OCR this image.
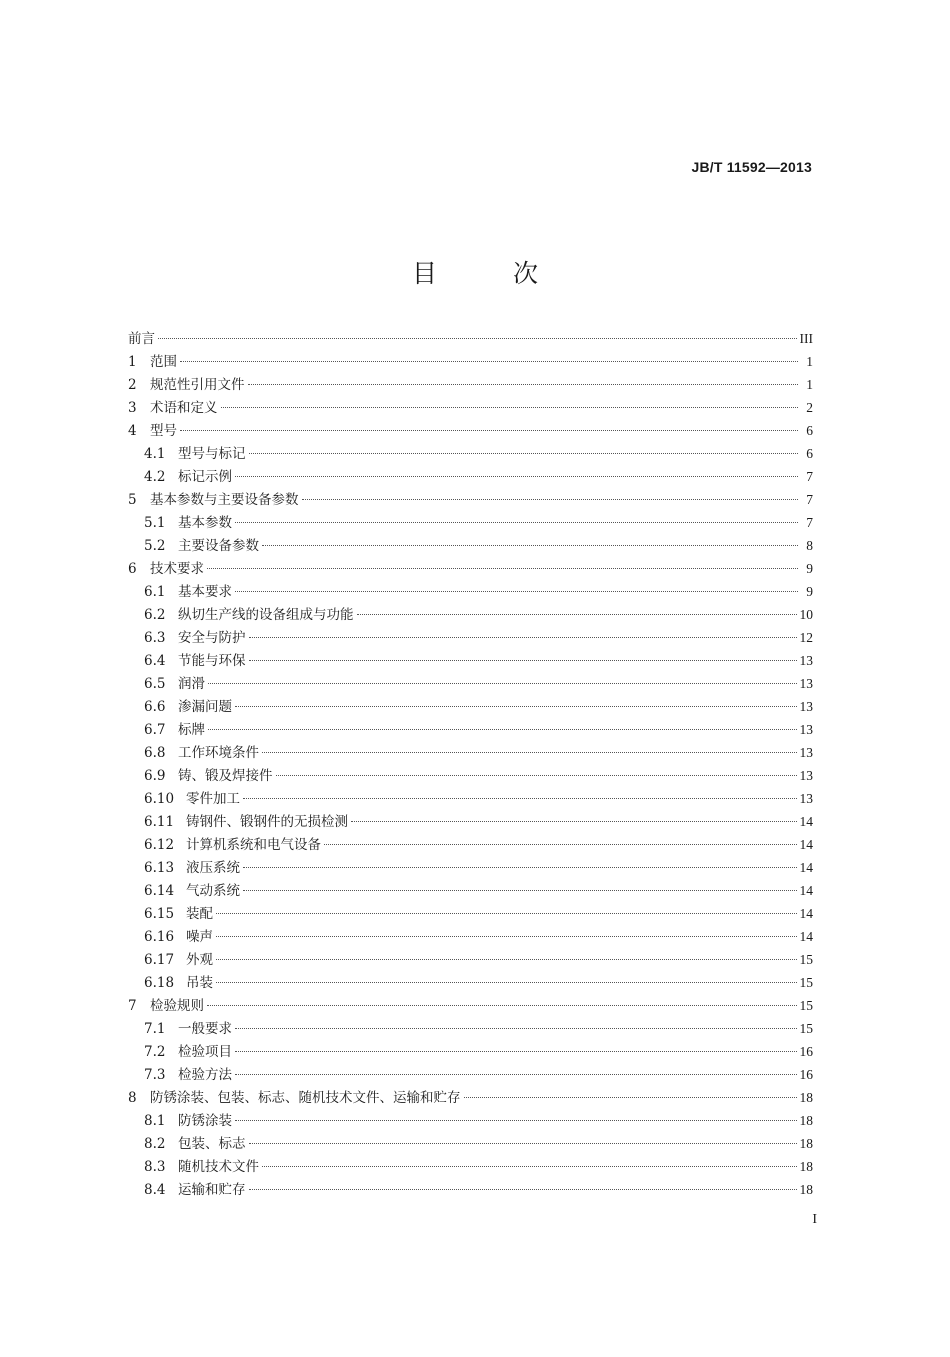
JB/T 11592—2013
目 次
前言	III
1 范围	1
2 规范性引用文件	1
3 术语和定义	2
4 型号	6
4.1 型号与标记	6
4.2 标记示例	7
5 基本参数与主要设备参数	7
5.1 基本参数	7
5.2 主要设备参数	8
6 技术要求	9
6.1 基本要求	9
6.2 纵切生产线的设备组成与功能	10
6.3 安全与防护	12
6.4 节能与环保	13
6.5 润滑	13
6.6 渗漏问题	13
6.7 标牌	13
6.8 工作环境条件	13
6.9 铸、锻及焊接件	13
6.10 零件加工	13
6.11 铸钢件、锻钢件的无损检测	14
6.12 计算机系统和电气设备	14
6.13 液压系统	14
6.14 气动系统	14
6.15 装配	14
6.16 噪声	14
6.17 外观	15
6.18 吊装	15
7 检验规则	15
7.1 一般要求	15
7.2 检验项目	16
7.3 检验方法	16
8 防锈涂装、包装、标志、随机技术文件、运输和贮存	18
8.1 防锈涂装	18
8.2 包装、标志	18
8.3 随机技术文件	18
8.4 运输和贮存	18
I
